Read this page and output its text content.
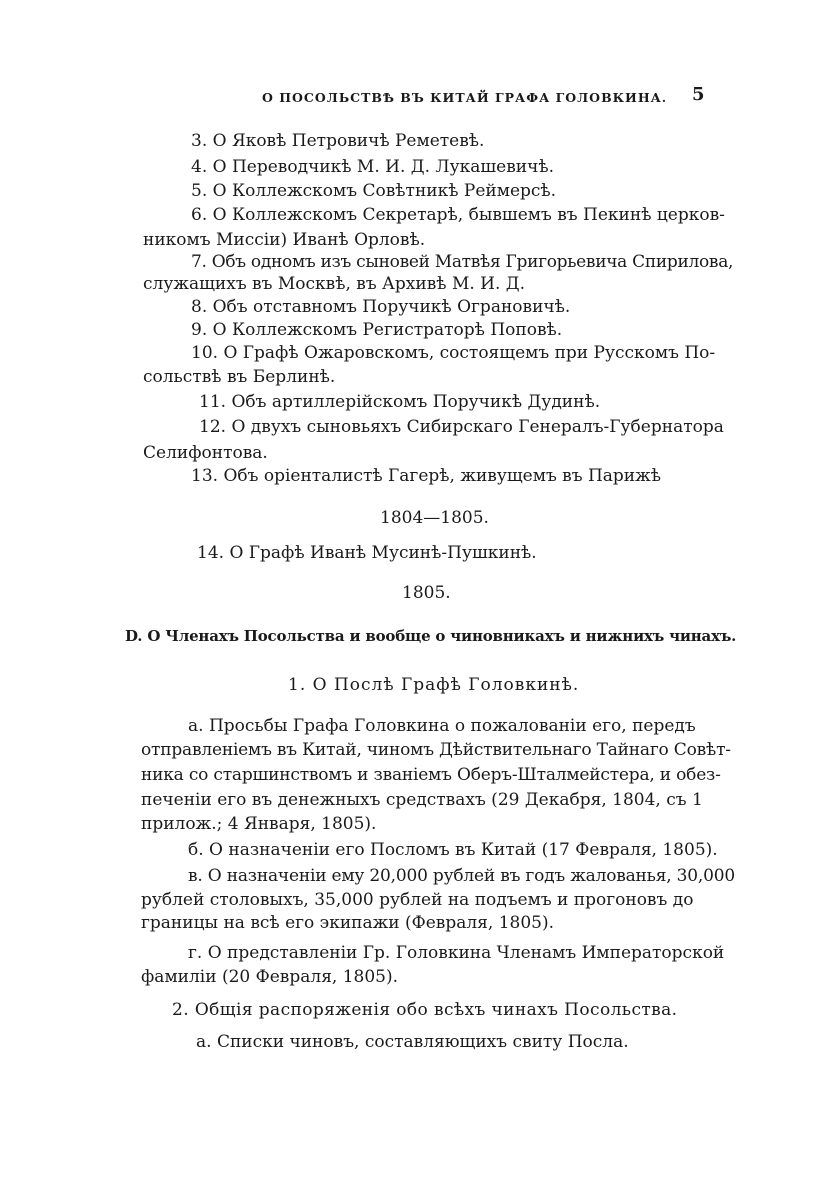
О ПОСОЛЬСТВѢ ВЪ КИТАЙ ГРАФА ГОЛОВКИНА. 5
3. О Яковѣ Петровичѣ Реметевѣ.
4. О Переводчикѣ М. И. Д. Лукашевичѣ.
5. О Коллежскомъ Совѣтникѣ Реймерсѣ.
6. О Коллежскомъ Секретарѣ, бывшемъ въ Пекинѣ церков-
никомъ Миссіи) Иванѣ Орловѣ.
7. Объ одномъ изъ сыновей Матвѣя Григорьевича Спирилова,
служащихъ въ Москвѣ, въ Архивѣ М. И. Д.
8. Объ отставномъ Поручикѣ Ограновичѣ.
9. О Коллежскомъ Регистраторѣ Поповѣ.
10. О Графѣ Ожаровскомъ, состоящемъ при Русскомъ По-
сольствѣ въ Берлинѣ.
11. Объ артиллерійскомъ Поручикѣ Дудинѣ.
12. О двухъ сыновьяхъ Сибирскаго Генералъ-Губернатора
Селифонтова.
13. Объ оріенталистѣ Гагерѣ, живущемъ въ Парижѣ
1804—1805.
14. О Графѣ Иванѣ Мусинѣ-Пушкинѣ.
1805.
D. О Членахъ Посольства и вообще о чиновникахъ и нижнихъ чинахъ.
1. О Послѣ Графѣ Головкинѣ.
а. Просьбы Графа Головкина о пожалованіи его, передъ
отправленіемъ въ Китай, чиномъ Дѣйствительнаго Тайнаго Совѣт-
ника со старшинствомъ и званіемъ Оберъ-Шталмейстера, и обез-
печеніи его въ денежныхъ средствахъ (29 Декабря, 1804, съ 1
прилож.; 4 Января, 1805).
б. О назначеніи его Посломъ въ Китай (17 Февраля, 1805).
в. О назначеніи ему 20,000 рублей въ годъ жалованья, 30,000
рублей столовыхъ, 35,000 рублей на подъемъ и прогоновъ до
границы на всѣ его экипажи (Февраля, 1805).
г. О представленіи Гр. Головкина Членамъ Императорской
фамиліи (20 Февраля, 1805).
2. Общія распоряженія обо всѣхъ чинахъ Посольства.
а. Списки чиновъ, составляющихъ свиту Посла.
